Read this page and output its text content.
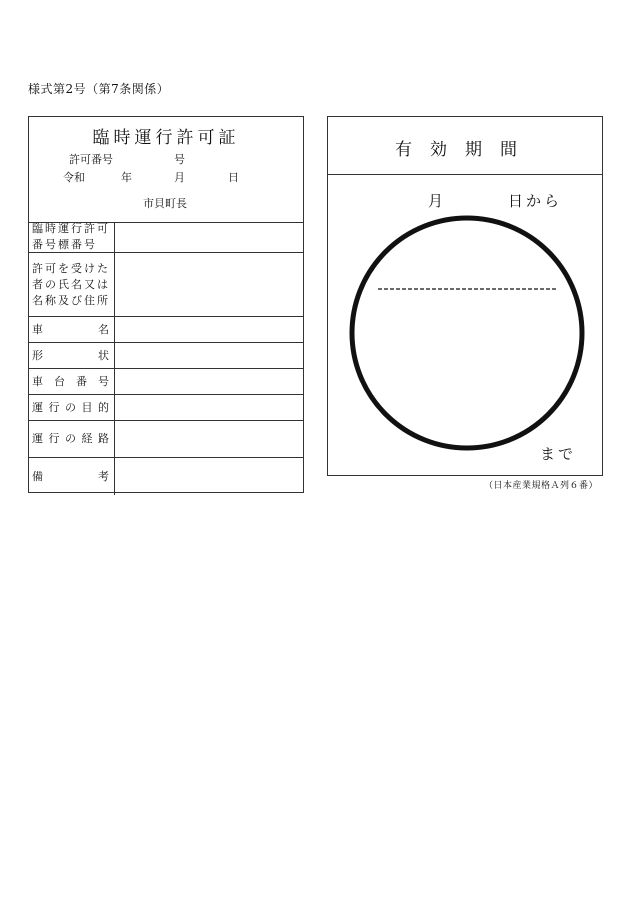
様式第2号（第7条関係）
臨時運行許可証
許可番号	号
令和	年	月	日
市貝町長
臨時運行許可
番号標番号
許可を受けた
者の氏名又は
名称及び住所
車	名
形	状
車 台 番 号
運 行 の 目 的
運 行 の 経 路
備	考
有効期間
月	日から
まで
（日本産業規格Ａ列６番）
